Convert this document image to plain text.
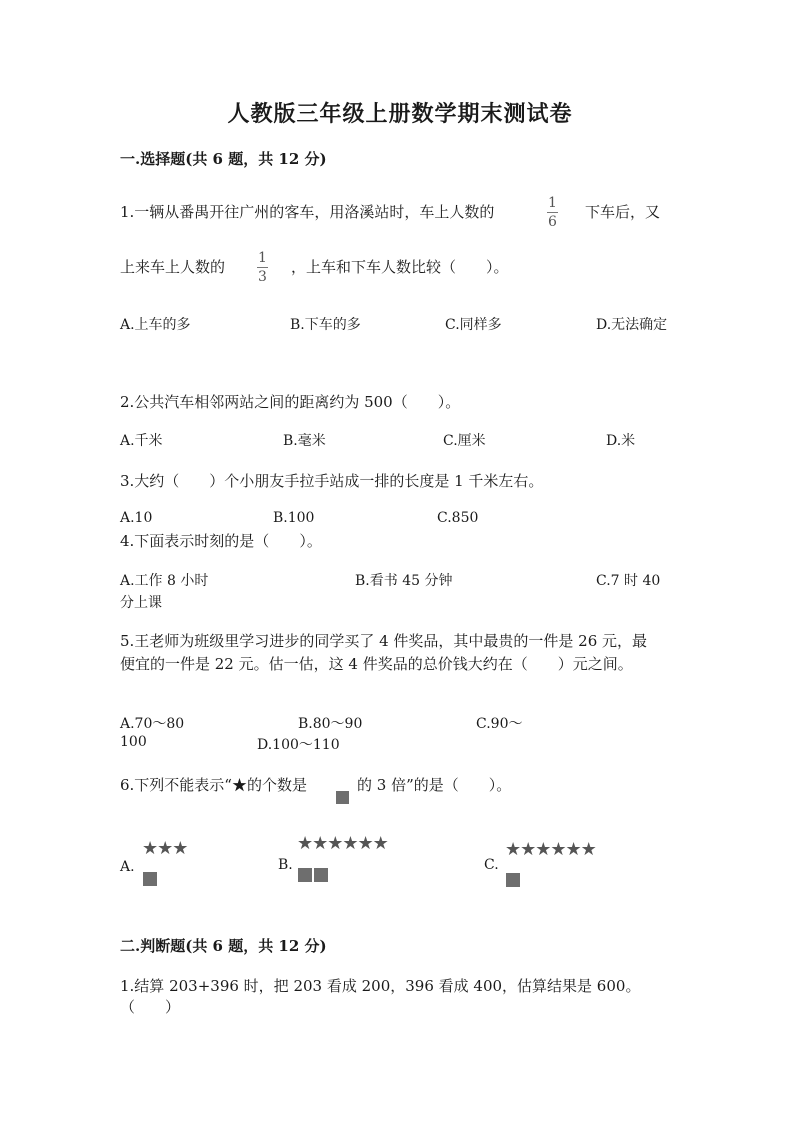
人教版三年级上册数学期末测试卷
一.选择题(共 6 题，共 12 分)
1.一辆从番禺开往广州的客车，用洛溪站时，车上人数的	1
6
下车后，又
上来车上人数的 1
3
，上车和下车人数比较（　　）。
A.上车的多	B.下车的多	C.同样多	D.无法确定
2.公共汽车相邻两站之间的距离约为 500（　　）。
A.千米	B.毫米	C.厘米	D.米
3.大约（　　）个小朋友手拉手站成一排的长度是 1 千米左右。
A.10	B.100	C.850
4.下面表示时刻的是（　　）。
A.工作 8 小时	B.看书 45 分钟	C.7 时 40
分上课
5.王老师为班级里学习进步的同学买了 4 件奖品，其中最贵的一件是 26 元，最
便宜的一件是 22 元。估一估，这 4 件奖品的总价钱大约在（　　）元之间。
A.70～80	B.80～90	C.90～
100	D.100～110
6.下列不能表示“★的个数是	的 3 倍”的是（　　）。
A.
★★★
B.
★★★★★★
C.
★★★★★★
二.判断题(共 6 题，共 12 分)
1.结算 203+396 时，把 203 看成 200，396 看成 400，估算结果是 600。
（　　）
